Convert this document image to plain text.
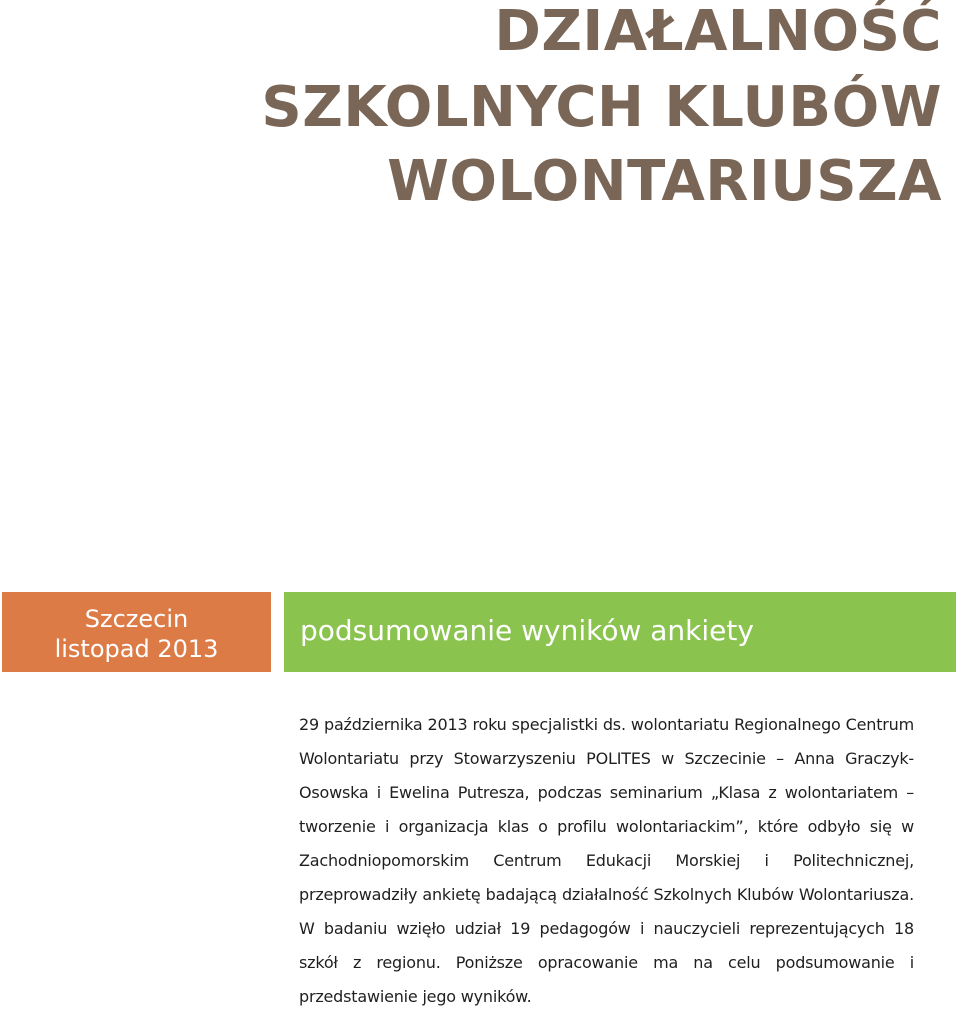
DZIAŁALNOŚĆ
SZKOLNYCH KLUBÓW
WOLONTARIUSZA
Szczecin
listopad 2013
podsumowanie wyników ankiety
29 października 2013 roku specjalistki ds. wolontariatu Regionalnego Centrum Wolontariatu przy Stowarzyszeniu POLITES w Szczecinie – Anna Graczyk-Osowska i Ewelina Putresza, podczas seminarium „Klasa z wolontariatem – tworzenie i organizacja klas o profilu wolontariackim”, które odbyło się w Zachodniopomorskim Centrum Edukacji Morskiej i Politechnicznej, przeprowadziły ankietę badającą działalność Szkolnych Klubów Wolontariusza. W badaniu wzięło udział 19 pedagogów i nauczycieli reprezentujących 18 szkół z regionu. Poniższe opracowanie ma na celu podsumowanie i przedstawienie jego wyników.
